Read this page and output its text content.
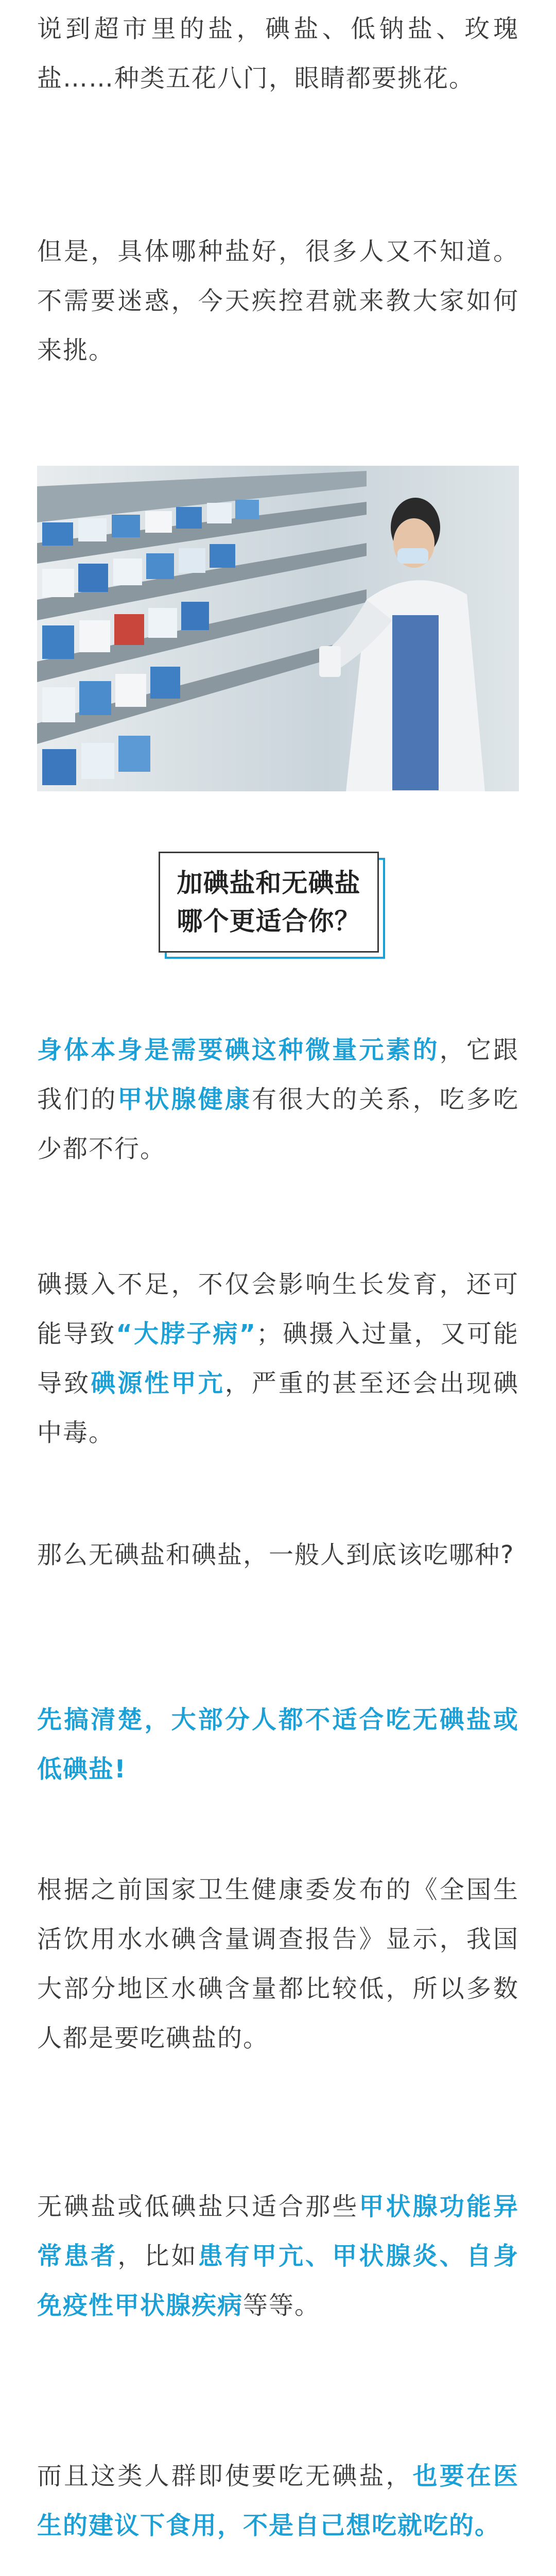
说到超市里的盐，碘盐、低钠盐、玫瑰盐……种类五花八门，眼睛都要挑花。

但是，具体哪种盐好，很多人又不知道。不需要迷惑，今天疾控君就来教大家如何来挑。

加碘盐和无碘盐
哪个更适合你？

身体本身是需要碘这种微量元素的，它跟我们的甲状腺健康有很大的关系，吃多吃少都不行。

碘摄入不足，不仅会影响生长发育，还可能导致“大脖子病”；碘摄入过量，又可能导致碘源性甲亢，严重的甚至还会出现碘中毒。

那么无碘盐和碘盐，一般人到底该吃哪种?

先搞清楚，大部分人都不适合吃无碘盐或低碘盐!

根据之前国家卫生健康委发布的《全国生活饮用水水碘含量调查报告》显示，我国大部分地区水碘含量都比较低，所以多数人都是要吃碘盐的。

无碘盐或低碘盐只适合那些甲状腺功能异常患者，比如患有甲亢、甲状腺炎、自身免疫性甲状腺疾病等等。

而且这类人群即使要吃无碘盐，也要在医生的建议下食用，不是自己想吃就吃的。
